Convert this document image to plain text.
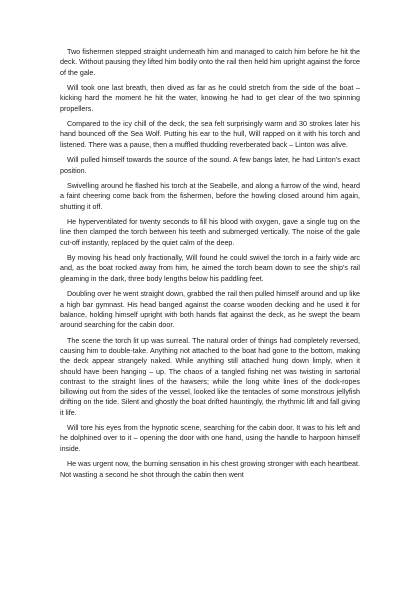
Two fishermen stepped straight underneath him and managed to catch him before he hit the deck. Without pausing they lifted him bodily onto the rail then held him upright against the force of the gale.

Will took one last breath, then dived as far as he could stretch from the side of the boat – kicking hard the moment he hit the water, knowing he had to get clear of the two spinning propellers.

Compared to the icy chill of the deck, the sea felt surprisingly warm and 30 strokes later his hand bounced off the Sea Wolf. Putting his ear to the hull, Will rapped on it with his torch and listened. There was a pause, then a muffled thudding reverberated back – Linton was alive.

Will pulled himself towards the source of the sound. A few bangs later, he had Linton’s exact position.

Swivelling around he flashed his torch at the Seabelle, and along a furrow of the wind, heard a faint cheering come back from the fishermen, before the howling closed around him again, shutting it off.

He hyperventilated for twenty seconds to fill his blood with oxygen, gave a single tug on the line then clamped the torch between his teeth and submerged vertically. The noise of the gale cut-off instantly, replaced by the quiet calm of the deep.

By moving his head only fractionally, Will found he could swivel the torch in a fairly wide arc and, as the boat rocked away from him, he aimed the torch beam down to see the ship’s rail gleaming in the dark, three body lengths below his paddling feet.

Doubling over he went straight down, grabbed the rail then pulled himself around and up like a high bar gymnast. His head banged against the coarse wooden decking and he used it for balance, holding himself upright with both hands flat against the deck, as he swept the beam around searching for the cabin door.

The scene the torch lit up was surreal. The natural order of things had completely reversed, causing him to double-take. Anything not attached to the boat had gone to the bottom, making the deck appear strangely naked. While anything still attached hung down limply, when it should have been hanging – up. The chaos of a tangled fishing net was twisting in sartorial contrast to the straight lines of the hawsers; while the long white lines of the dock-ropes billowing out from the sides of the vessel, looked like the tentacles of some monstrous jellyfish drifting on the tide. Silent and ghostly the boat drifted hauntingly, the rhythmic lift and fall giving it life.

Will tore his eyes from the hypnotic scene, searching for the cabin door. It was to his left and he dolphined over to it – opening the door with one hand, using the handle to harpoon himself inside.

He was urgent now, the burning sensation in his chest growing stronger with each heartbeat. Not wasting a second he shot through the cabin then went
